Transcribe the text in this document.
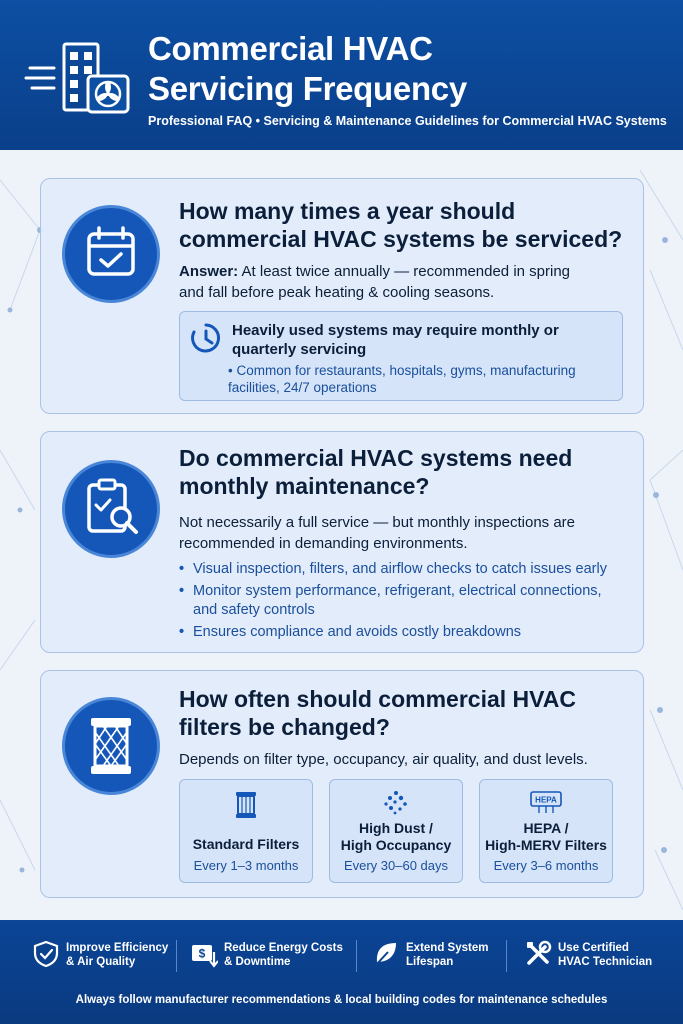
Commercial HVAC
Servicing Frequency
Professional FAQ • Servicing & Maintenance Guidelines for Commercial HVAC Systems
How many times a year should
commercial HVAC systems be serviced?
Answer: At least twice annually — recommended in spring
and fall before peak heating & cooling seasons.
Heavily used systems may require monthly or
quarterly servicing
• Common for restaurants, hospitals, gyms, manufacturing
facilities, 24/7 operations
Do commercial HVAC systems need
monthly maintenance?
Not necessarily a full service — but monthly inspections are
recommended in demanding environments.
• Visual inspection, filters, and airflow checks to catch issues early
• Monitor system performance, refrigerant, electrical connections,
and safety controls
• Ensures compliance and avoids costly breakdowns
How often should commercial HVAC
filters be changed?
Depends on filter type, occupancy, air quality, and dust levels.
Standard Filters
Every 1–3 months
High Dust /
High Occupancy
Every 30–60 days
HEPA
HEPA /
High-MERV Filters
Every 3–6 months
Improve Efficiency
& Air Quality
$ Reduce Energy Costs
& Downtime
Extend System
Lifespan
Use Certified
HVAC Technician
Always follow manufacturer recommendations & local building codes for maintenance schedules
